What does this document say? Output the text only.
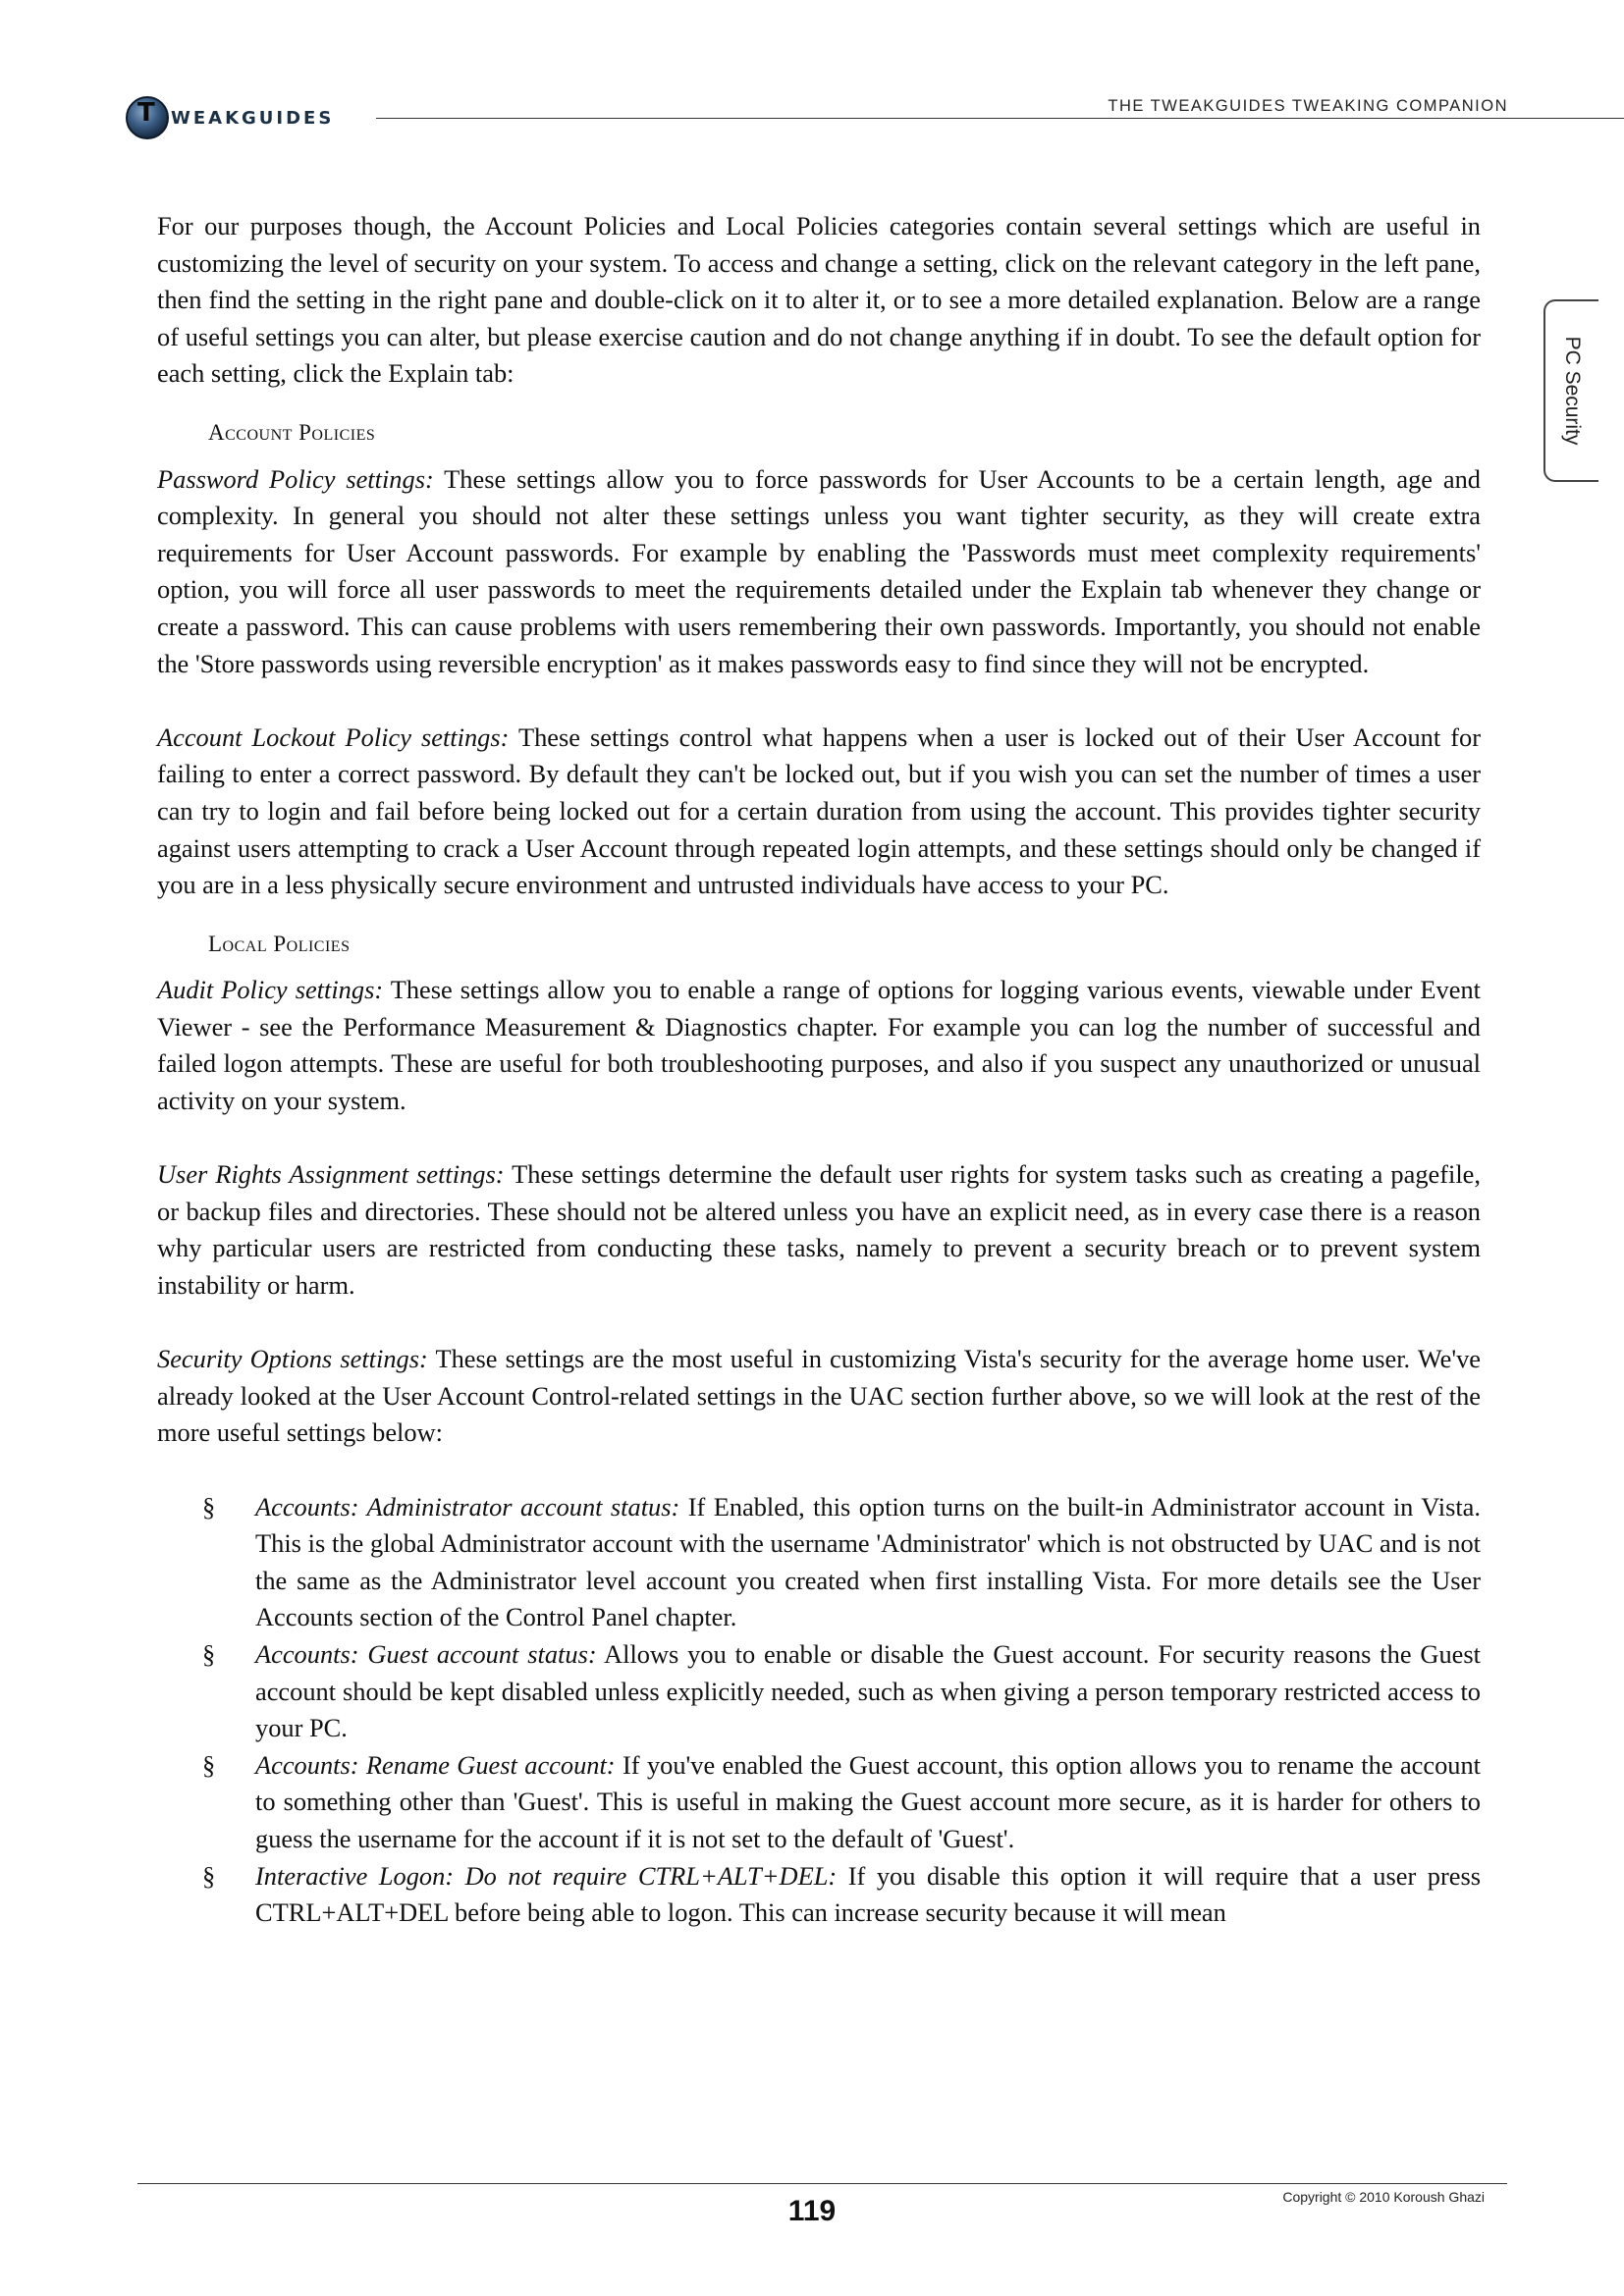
T WEAKGUIDES
THE TWEAKGUIDES TWEAKING COMPANION
PC Security

For our purposes though, the Account Policies and Local Policies categories contain several settings which are useful in customizing the level of security on your system. To access and change a setting, click on the relevant category in the left pane, then find the setting in the right pane and double-click on it to alter it, or to see a more detailed explanation. Below are a range of useful settings you can alter, but please exercise caution and do not change anything if in doubt. To see the default option for each setting, click the Explain tab:

Account Policies

Password Policy settings: These settings allow you to force passwords for User Accounts to be a certain length, age and complexity. In general you should not alter these settings unless you want tighter security, as they will create extra requirements for User Account passwords. For example by enabling the 'Passwords must meet complexity requirements' option, you will force all user passwords to meet the requirements detailed under the Explain tab whenever they change or create a password. This can cause problems with users remembering their own passwords. Importantly, you should not enable the 'Store passwords using reversible encryption' as it makes passwords easy to find since they will not be encrypted.

Account Lockout Policy settings: These settings control what happens when a user is locked out of their User Account for failing to enter a correct password. By default they can't be locked out, but if you wish you can set the number of times a user can try to login and fail before being locked out for a certain duration from using the account. This provides tighter security against users attempting to crack a User Account through repeated login attempts, and these settings should only be changed if you are in a less physically secure environment and untrusted individuals have access to your PC.

Local Policies

Audit Policy settings: These settings allow you to enable a range of options for logging various events, viewable under Event Viewer - see the Performance Measurement & Diagnostics chapter. For example you can log the number of successful and failed logon attempts. These are useful for both troubleshooting purposes, and also if you suspect any unauthorized or unusual activity on your system.

User Rights Assignment settings: These settings determine the default user rights for system tasks such as creating a pagefile, or backup files and directories. These should not be altered unless you have an explicit need, as in every case there is a reason why particular users are restricted from conducting these tasks, namely to prevent a security breach or to prevent system instability or harm.

Security Options settings: These settings are the most useful in customizing Vista's security for the average home user. We've already looked at the User Account Control-related settings in the UAC section further above, so we will look at the rest of the more useful settings below:

§ Accounts: Administrator account status: If Enabled, this option turns on the built-in Administrator account in Vista. This is the global Administrator account with the username 'Administrator' which is not obstructed by UAC and is not the same as the Administrator level account you created when first installing Vista. For more details see the User Accounts section of the Control Panel chapter.
§ Accounts: Guest account status: Allows you to enable or disable the Guest account. For security reasons the Guest account should be kept disabled unless explicitly needed, such as when giving a person temporary restricted access to your PC.
§ Accounts: Rename Guest account: If you've enabled the Guest account, this option allows you to rename the account to something other than 'Guest'. This is useful in making the Guest account more secure, as it is harder for others to guess the username for the account if it is not set to the default of 'Guest'.
§ Interactive Logon: Do not require CTRL+ALT+DEL: If you disable this option it will require that a user press CTRL+ALT+DEL before being able to logon. This can increase security because it will mean
119	Copyright © 2010 Koroush Ghazi
